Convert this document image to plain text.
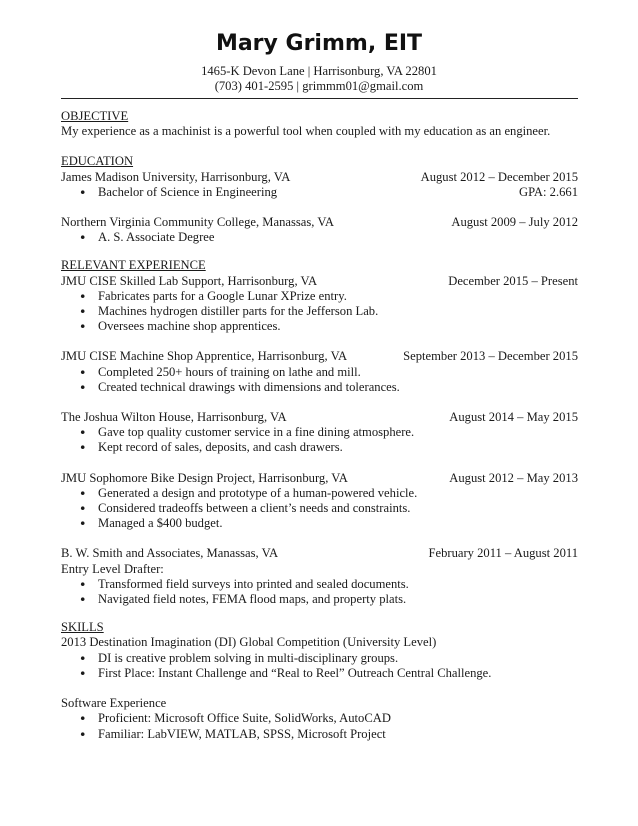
Mary Grimm, EIT
1465-K Devon Lane | Harrisonburg, VA 22801
(703) 401-2595 | grimmm01@gmail.com
OBJECTIVE
My experience as a machinist is a powerful tool when coupled with my education as an engineer.
EDUCATION
James Madison University, Harrisonburg, VA	August 2012 – December 2015
• Bachelor of Science in Engineering	GPA: 2.661
Northern Virginia Community College, Manassas, VA	August 2009 – July 2012
• A. S. Associate Degree
RELEVANT EXPERIENCE
JMU CISE Skilled Lab Support, Harrisonburg, VA	December 2015 – Present
• Fabricates parts for a Google Lunar XPrize entry.
• Machines hydrogen distiller parts for the Jefferson Lab.
• Oversees machine shop apprentices.
JMU CISE Machine Shop Apprentice, Harrisonburg, VA	September 2013 – December 2015
• Completed 250+ hours of training on lathe and mill.
• Created technical drawings with dimensions and tolerances.
The Joshua Wilton House, Harrisonburg, VA	August 2014 – May 2015
• Gave top quality customer service in a fine dining atmosphere.
• Kept record of sales, deposits, and cash drawers.
JMU Sophomore Bike Design Project, Harrisonburg, VA	August 2012 – May 2013
• Generated a design and prototype of a human-powered vehicle.
• Considered tradeoffs between a client’s needs and constraints.
• Managed a $400 budget.
B. W. Smith and Associates, Manassas, VA	February 2011 – August 2011
Entry Level Drafter:
• Transformed field surveys into printed and sealed documents.
• Navigated field notes, FEMA flood maps, and property plats.
SKILLS
2013 Destination Imagination (DI) Global Competition (University Level)
• DI is creative problem solving in multi-disciplinary groups.
• First Place: Instant Challenge and “Real to Reel” Outreach Central Challenge.
Software Experience
• Proficient: Microsoft Office Suite, SolidWorks, AutoCAD
• Familiar: LabVIEW, MATLAB, SPSS, Microsoft Project
